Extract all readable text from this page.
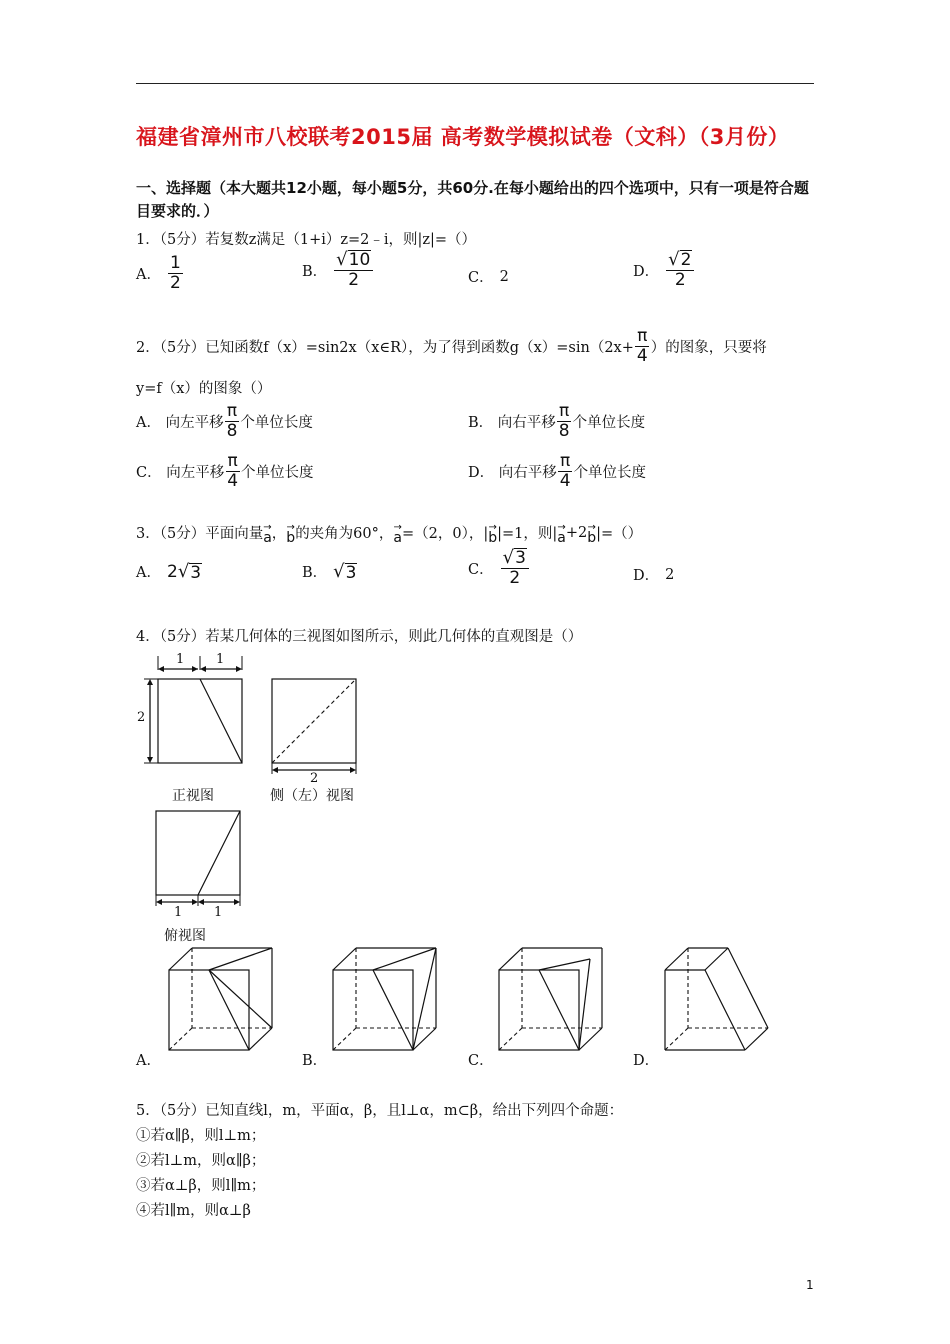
福建省漳州市八校联考2015届 高考数学模拟试卷（文科）（3月份）
一、选择题（本大题共12小题，每小题5分，共60分.在每小题给出的四个选项中，只有一项是符合题目要求的．）
1．（5分）若复数z满足（1+i）z=2﹣i，则|z|=（）
A． $\frac{1}{2}$	B． $\frac{√ 10}{2}$	C． 2	D． $\frac{√ 2}{2}$
2．（5分）已知函数f（x）=sin2x（x∈R），为了得到函数$g(x)=\sin(2x+ \frac{\pi}{4}$ ）的图象，只要将
y=f（x）的图象（）
A． 向左平移 $\frac{\pi}{8}$ 个单位长度	B． 向右平移 $\frac{\pi}{8}$ 个单位长度
C． 向左平移 $\frac{\pi}{4}$ 个单位长度	D． 向右平移 $\frac{\pi}{4}$ 个单位长度
3．（5分）平面向量 →
a ， →
b 的夹角为60°， →
a =（2，0），| →
b |=1，则| →
a +2 →
b |=（）
A． 2 √ 3	B． √ 3	C． $\frac{√ 3}{2}$	D． 2
4．（5分）若某几何体的三视图如图所示，则此几何体的直观图是（）
1 1
2
正视图
2
侧（左）视图
1 1
俯视图
A．	B．	C．	D．
5．（5分）已知直线l，m，平面α，β，且l⊥α，m⊂β，给出下列四个命题：
①若α∥β，则l⊥m；
②若l⊥m，则α∥β；
③若α⊥β，则l∥m；
④若l∥m，则α⊥β
1
